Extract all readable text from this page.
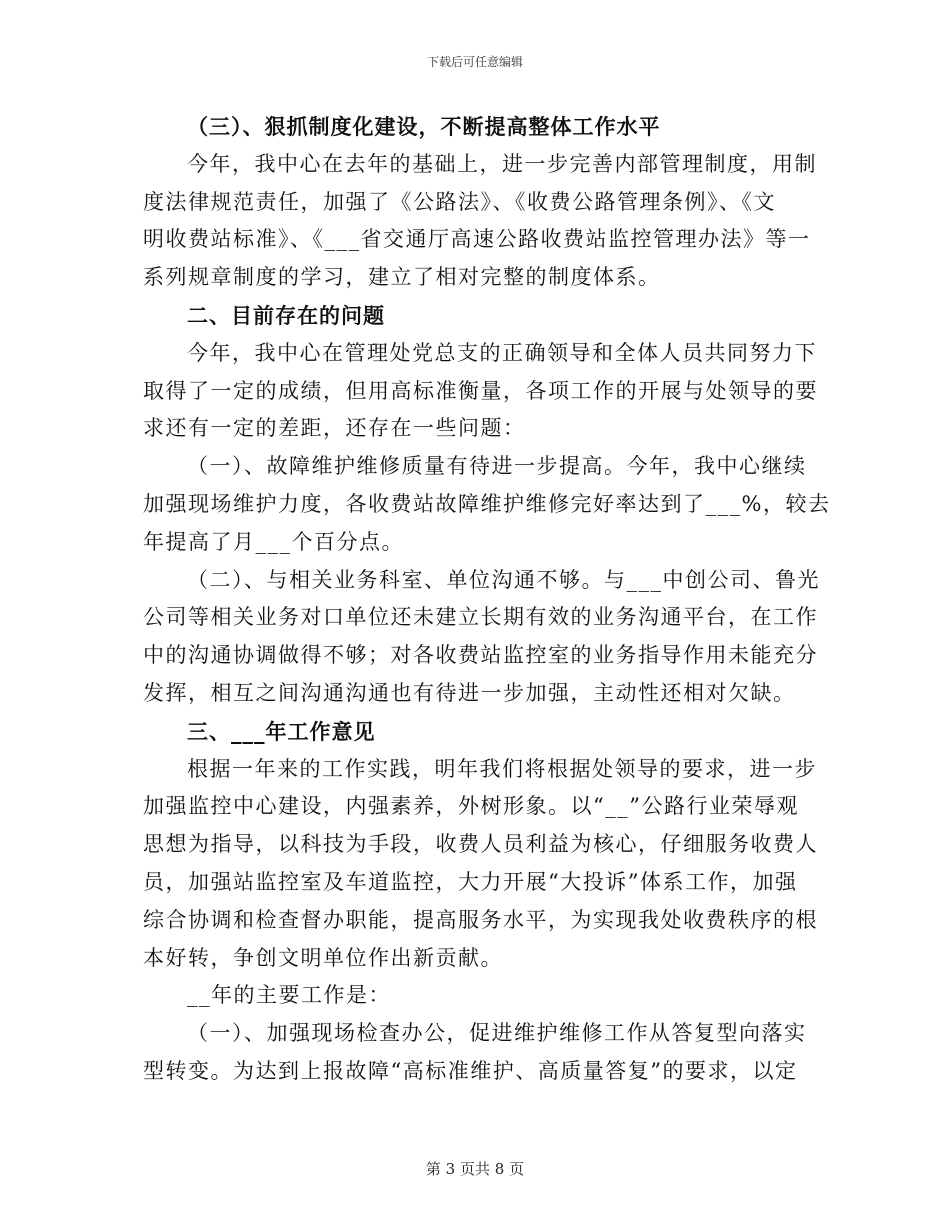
下载后可任意编辑
（三）、狠抓制度化建设，不断提高整体工作水平
今年，我中心在去年的基础上，进一步完善内部管理制度，用制
度法律规范责任，加强了《公路法》、《收费公路管理条例》、《文
明收费站标准》、《___省交通厅高速公路收费站监控管理办法》等一
系列规章制度的学习，建立了相对完整的制度体系。
二、目前存在的问题
今年，我中心在管理处党总支的正确领导和全体人员共同努力下
取得了一定的成绩，但用高标准衡量，各项工作的开展与处领导的要
求还有一定的差距，还存在一些问题：
（一）、故障维护维修质量有待进一步提高。今年，我中心继续
加强现场维护力度，各收费站故障维护维修完好率达到了___%，较去
年提高了月___个百分点。
（二）、与相关业务科室、单位沟通不够。与___中创公司、鲁光
公司等相关业务对口单位还未建立长期有效的业务沟通平台，在工作
中的沟通协调做得不够；对各收费站监控室的业务指导作用未能充分
发挥，相互之间沟通沟通也有待进一步加强，主动性还相对欠缺。
三、___年工作意见
根据一年来的工作实践，明年我们将根据处领导的要求，进一步
加强监控中心建设，内强素养，外树形象。以“__”公路行业荣辱观
思想为指导，以科技为手段，收费人员利益为核心，仔细服务收费人
员，加强站监控室及车道监控，大力开展“大投诉”体系工作，加强
综合协调和检查督办职能，提高服务水平，为实现我处收费秩序的根
本好转，争创文明单位作出新贡献。
__年的主要工作是：
（一）、加强现场检查办公，促进维护维修工作从答复型向落实
型转变。为达到上报故障“高标准维护、高质量答复”的要求，以定
第 3 页共 8 页
